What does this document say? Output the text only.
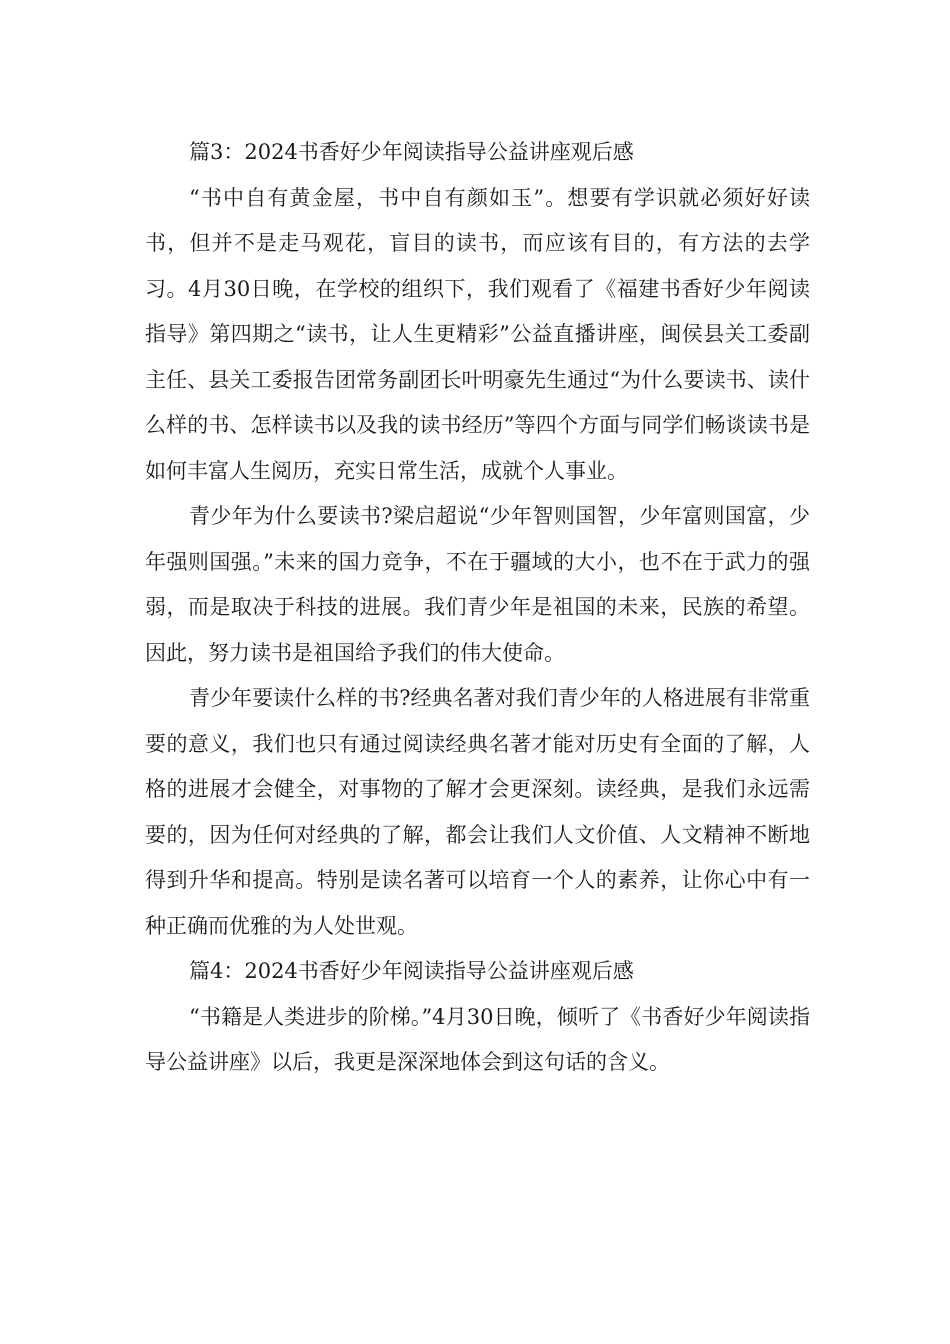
篇3：2024书香好少年阅读指导公益讲座观后感

“书中自有黄金屋，书中自有颜如玉”。想要有学识就必须好好读书，但并不是走马观花，盲目的读书，而应该有目的，有方法的去学习。4月30日晚，在学校的组织下，我们观看了《福建书香好少年阅读指导》第四期之“读书，让人生更精彩”公益直播讲座，闽侯县关工委副主任、县关工委报告团常务副团长叶明豪先生通过“为什么要读书、读什么样的书、怎样读书以及我的读书经历”等四个方面与同学们畅谈读书是如何丰富人生阅历，充实日常生活，成就个人事业。

青少年为什么要读书?梁启超说“少年智则国智，少年富则国富，少年强则国强。”未来的国力竞争，不在于疆域的大小，也不在于武力的强弱，而是取决于科技的进展。我们青少年是祖国的未来，民族的希望。因此，努力读书是祖国给予我们的伟大使命。

青少年要读什么样的书?经典名著对我们青少年的人格进展有非常重要的意义，我们也只有通过阅读经典名著才能对历史有全面的了解，人格的进展才会健全，对事物的了解才会更深刻。读经典，是我们永远需要的，因为任何对经典的了解，都会让我们人文价值、人文精神不断地得到升华和提高。特别是读名著可以培育一个人的素养，让你心中有一种正确而优雅的为人处世观。

篇4：2024书香好少年阅读指导公益讲座观后感

“书籍是人类进步的阶梯。”4月30日晚，倾听了《书香好少年阅读指导公益讲座》以后，我更是深深地体会到这句话的含义。
